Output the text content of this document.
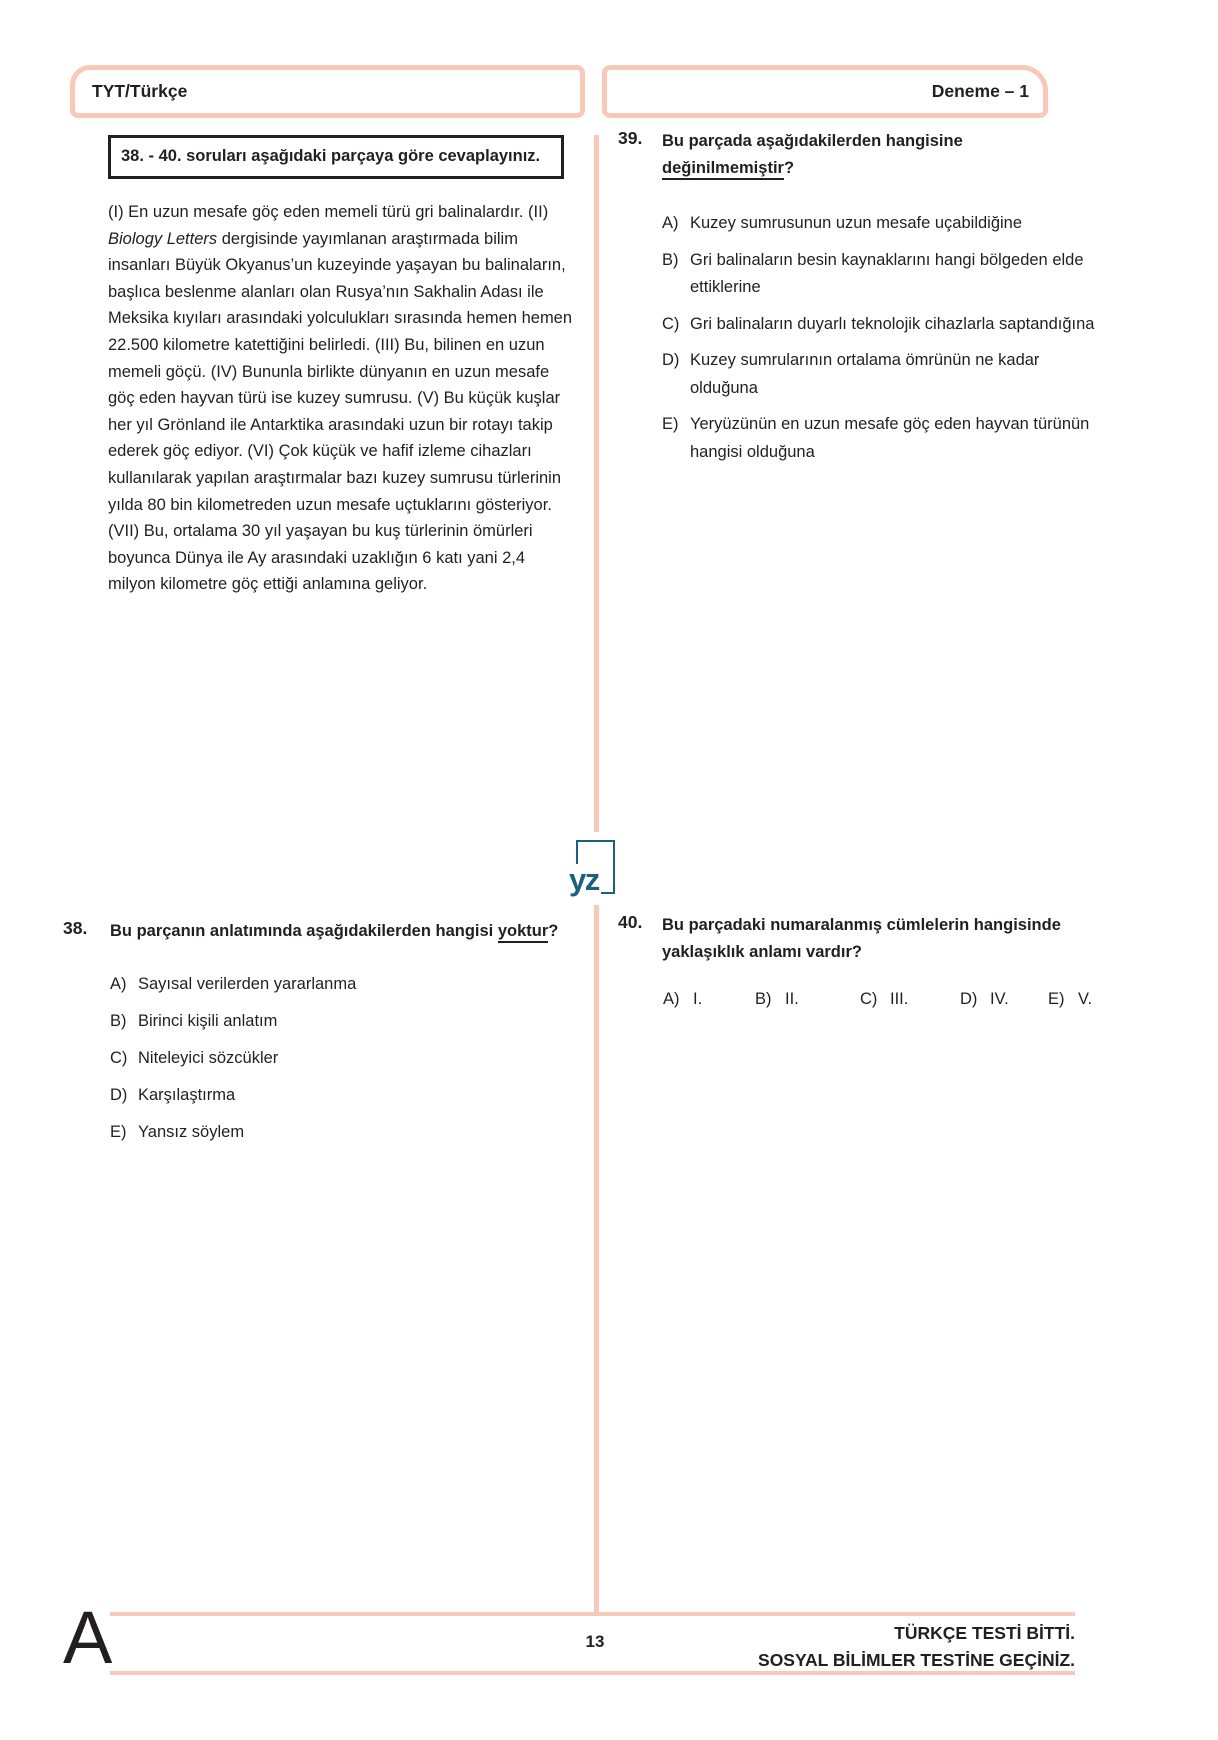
TYT/Türkçe	Deneme – 1
38. - 40. soruları aşağıdaki parçaya göre cevaplayınız.
(I) En uzun mesafe göç eden memeli türü gri balinalardır. (II) Biology Letters dergisinde yayımlanan araştırmada bilim insanları Büyük Okyanus’un kuzeyinde yaşayan bu balinaların, başlıca beslenme alanları olan Rusya’nın Sakhalin Adası ile Meksika kıyıları arasındaki yolculukları sırasında hemen hemen 22.500 kilometre katettiğini belirledi. (III) Bu, bilinen en uzun memeli göçü. (IV) Bununla birlikte dünyanın en uzun mesafe göç eden hayvan türü ise kuzey sumrusu. (V) Bu küçük kuşlar her yıl Grönland ile Antarktika arasındaki uzun bir rotayı takip ederek göç ediyor. (VI) Çok küçük ve hafif izleme cihazları kullanılarak yapılan araştırmalar bazı kuzey sumrusu türlerinin yılda 80 bin kilometreden uzun mesafe uçtuklarını gösteriyor. (VII) Bu, ortalama 30 yıl yaşayan bu kuş türlerinin ömürleri boyunca Dünya ile Ay arasındaki uzaklığın 6 katı yani 2,4 milyon kilometre göç ettiği anlamına geliyor.
38.	Bu parçanın anlatımında aşağıdakilerden hangisi yoktur?
A) Sayısal verilerden yararlanma
B) Birinci kişili anlatım
C) Niteleyici sözcükler
D) Karşılaştırma
E) Yansız söylem
39.	Bu parçada aşağıdakilerden hangisine değinilmemiştir?
A) Kuzey sumrusunun uzun mesafe uçabildiğine
B) Gri balinaların besin kaynaklarını hangi bölgeden elde ettiklerine
C) Gri balinaların duyarlı teknolojik cihazlarla saptandığına
D) Kuzey sumrularının ortalama ömrünün ne kadar olduğuna
E) Yeryüzünün en uzun mesafe göç eden hayvan türünün hangisi olduğuna
40.	Bu parçadaki numaralanmış cümlelerin hangisinde yaklaşıklık anlamı vardır?
A) I.	B) II.	C) III.	D) IV. E) V.
yz
A	13	TÜRKÇE TESTİ BİTTİ.
SOSYAL BİLİMLER TESTİNE GEÇİNİZ.
